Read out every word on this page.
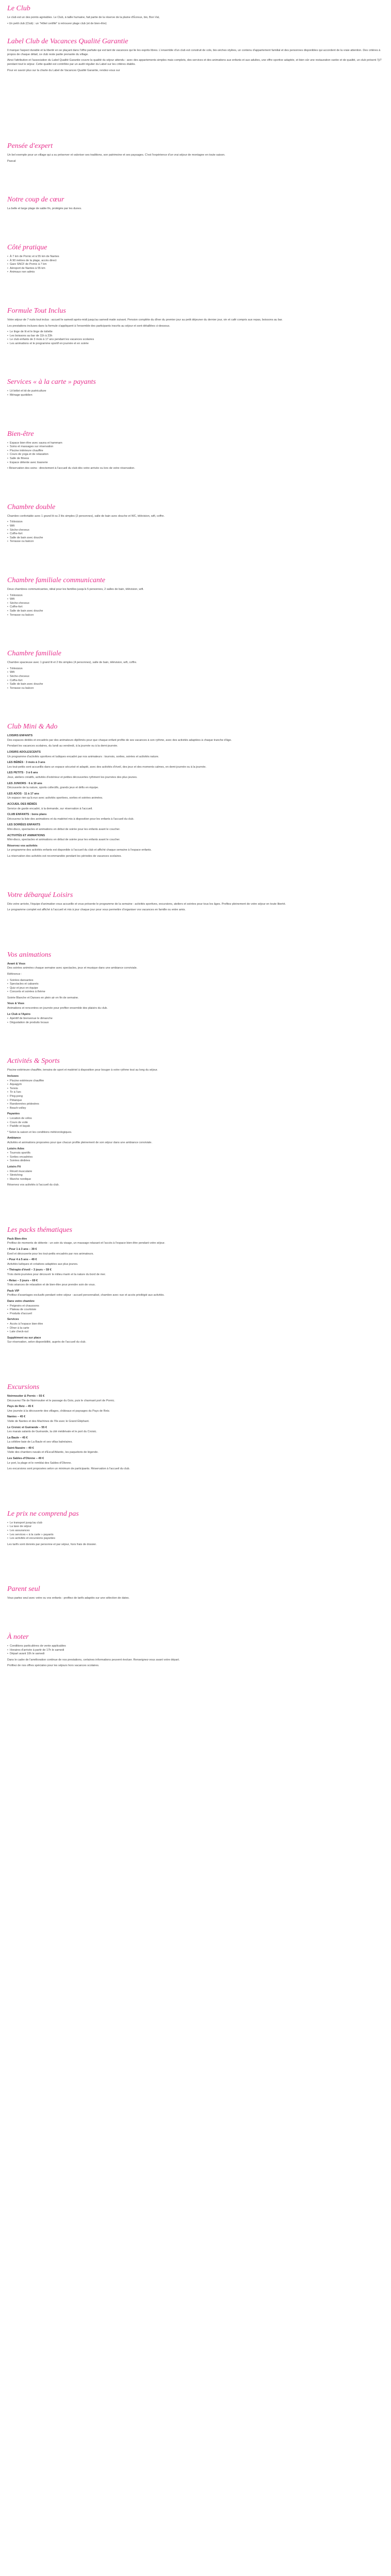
Le Club

Le club est un des points agréables. Le Club, à taille humaine, fait partie de la réserve de la plaine d'Évreux, bio, Bon Val,

• Un petit club (Club) : un "Hôtel certifié" à retrouver plage club (et de bien-être)

Label Club de Vacances Qualité Garantie

Il marque l'aspect durable et la liberté en se plaçant dans l'offre parfaite qui est tant de vacances qui lie les esprits libres. L'ensemble d'un club est construit de vols, bio-sèches stylées, un contenu d'appartement familial et des personnes disponibles qui accordent de la vraie attention. Des critères à propos de chaque détail, ce club reste partie prenante du village.

Ainsi l'attribution et l'association du Label Qualité Garantie couvre la qualité du séjour attendu : avec des appartements simples mais complets, des services et des animations aux enfants et aux adultes, une offre sportive adaptée, et bien sûr une restauration variée et de qualité, un club présent 7j/7 pendant tout le séjour. Cette qualité est contrôlée par un audit régulier du Label sur les critères établis.

Pour en savoir plus sur la charte du Label de Vacances Qualité Garantie, rendez-vous sur

Pensée d'expert

Un bel exemple pour un village qui a su préserver et valoriser ses traditions, son patrimoine et ses paysages. C'est l'expérience d'un vrai séjour de montagne en toute saison.

Pascal

Notre coup de cœur

La belle et large plage de sable fin, protégée par les dunes.

Côté pratique
• À 7 km de Pornic et à 55 km de Nantes
• À 90 mètres de la plage, accès direct
• Gare SNCF de Pornic à 7 km
• Aéroport de Nantes à 55 km
• Animaux non admis
Formule Tout Inclus

Votre séjour de 7 nuits tout inclus : accueil le samedi après-midi jusqu'au samedi matin suivant. Pension complète du dîner du premier jour au petit déjeuner du dernier jour, vin et café compris aux repas, boissons au bar.

Les prestations incluses dans la formule s'appliquent à l'ensemble des participants inscrits au séjour et sont détaillées ci-dessous.

• Le linge de lit et le linge de toilette
• Les boissons au bar de 11h à 23h
• Le club enfants de 3 mois à 17 ans pendant les vacances scolaires
• Les animations et le programme sportif en journée et en soirée
Services « à la carte » payants
• Lit bébé et kit de puériculture
• Ménage quotidien
Bien-être
• Espace bien-être avec sauna et hammam
• Soins et massages sur réservation
• Piscine intérieure chauffée
• Cours de yoga et de relaxation
• Salle de fitness
• Espace détente avec tisanerie

• Réservation des soins : directement à l'accueil du club dès votre arrivée ou lors de votre réservation.

Chambre double

Chambre confortable avec 1 grand lit ou 2 lits simples (2 personnes), salle de bain avec douche et WC, télévision, wifi, coffre.

• Télévision
• Wifi
• Sèche-cheveux
• Coffre-fort
• Salle de bain avec douche
• Terrasse ou balcon
Chambre familiale communicante

Deux chambres communicantes, idéal pour les familles jusqu'à 5 personnes, 2 salles de bain, télévision, wifi.

• Télévision
• Wifi
• Sèche-cheveux
• Coffre-fort
• Salle de bain avec douche
• Terrasse ou balcon
Chambre familiale

Chambre spacieuse avec 1 grand lit et 2 lits simples (4 personnes), salle de bain, télévision, wifi, coffre.

• Télévision
• Wifi
• Sèche-cheveux
• Coffre-fort
• Salle de bain avec douche
• Terrasse ou balcon
Club Mini & Ado
LOISIRS ENFANTS

Des espaces dédiés et encadrés par des animateurs diplômés pour que chaque enfant profite de ses vacances à son rythme, avec des activités adaptées à chaque tranche d'âge.

Pendant les vacances scolaires, du lundi au vendredi, à la journée ou à la demi-journée.

LOISIRS ADOLESCENTS

Un programme d'activités sportives et ludiques encadré par nos animateurs : tournois, sorties, soirées et activités nature.

LES BÉBÉS · 3 mois à 3 ans

Les tout-petits sont accueillis dans un espace sécurisé et adapté, avec des activités d'éveil, des jeux et des moments calmes, en demi-journée ou à la journée.

LES PETITS · 3 à 6 ans

Jeux, ateliers créatifs, activités d'extérieur et petites découvertes rythment les journées des plus jeunes.

LES JUNIORS · 6 à 10 ans

Découverte de la nature, sports collectifs, grands jeux et défis en équipe.

LES ADOS · 11 à 17 ans

Un espace rien qu'à eux avec activités sportives, sorties et soirées animées.

ACCUEIL DES BÉBÉS

Service de garde encadré, à la demande, sur réservation à l'accueil.

CLUB ENFANTS : bons plans

Découvrez la liste des animations et du matériel mis à disposition pour les enfants à l'accueil du club.

LES SOIRÉES ENFANTS

Mini-disco, spectacles et animations en début de soirée pour les enfants avant le coucher.

ACTIVITÉS ET ANIMATIONS

Mini-disco, spectacles et animations en début de soirée pour les enfants avant le coucher.

Réservez vos activités

Le programme des activités enfants est disponible à l'accueil du club et affiché chaque semaine à l'espace enfants.

La réservation des activités est recommandée pendant les périodes de vacances scolaires.

Votre débarqué Loisirs

Dès votre arrivée, l'équipe d'animation vous accueille et vous présente le programme de la semaine : activités sportives, excursions, ateliers et soirées pour tous les âges. Profitez pleinement de votre séjour en toute liberté.

Le programme complet est affiché à l'accueil et mis à jour chaque jour pour vous permettre d'organiser vos vacances en famille ou entre amis.

Vos animations
Avant & Vous

Des soirées animées chaque semaine avec spectacles, jeux et musique dans une ambiance conviviale.

Référence :

• Soirées dansantes
• Spectacles et cabarets
• Quiz et jeux en équipe
• Concerts et soirées à thème

Soirée Blanche et Danses en plein air en fin de semaine.

Vous & Vous

Animations et rencontres en journée pour profiter ensemble des plaisirs du club.

Le Club à l'Apéro
• Apéritif de bienvenue le dimanche
• Dégustation de produits locaux
Activités & Sports

Piscine extérieure chauffée, terrains de sport et matériel à disposition pour bouger à votre rythme tout au long du séjour.

Incluses
• Piscine extérieure chauffée
• Aquagym
• Tennis
• Tir à l'arc
• Ping-pong
• Pétanque
• Randonnées pédestres
• Beach-volley
Payantes
• Location de vélos
• Cours de voile
• Paddle et kayak

* Selon la saison et les conditions météorologiques.

Ambiance

Activités et animations proposées pour que chacun profite pleinement de son séjour dans une ambiance conviviale.

Loisirs Ados
• Tournois sportifs
• Sorties encadrées
• Soirées dédiées
Loisirs Fit
• Réveil musculaire
• Stretching
• Marche nordique

Réservez vos activités à l'accueil du club.

Les packs thématiques
Pack Bien-être

Profitez de moments de détente : un soin du visage, un massage relaxant et l'accès à l'espace bien-être pendant votre séjour.

• Pour 1 à 3 ans – 39 €

Éveil et découverte pour les tout-petits encadrés par nos animateurs.

• Pour 4 à 5 ans – 49 €

Activités ludiques et créatives adaptées aux plus jeunes.

• Thérapie d'éveil – 3 jours – 59 €

Trois demi-journées pour découvrir le milieu marin et la nature du bord de mer.

• Relax – 3 jours – 69 €

Trois séances de relaxation et de bien-être pour prendre soin de vous.

Pack VIP

Profitez d'avantages exclusifs pendant votre séjour : accueil personnalisé, chambre avec vue et accès privilégié aux activités.

Dans votre chambre
• Peignoirs et chaussons
• Plateau de courtoisie
• Produits d'accueil
Services
• Accès à l'espace bien-être
• Dîner à la carte
• Late check-out
Supplément ou sur place

Sur réservation, selon disponibilité, auprès de l'accueil du club.

Excursions
Noirmoutier & Pornic – 55 €

Découvrez l'île de Noirmoutier et le passage du Gois, puis le charmant port de Pornic.

Pays de Retz – 45 €

Une journée à la découverte des villages, châteaux et paysages du Pays de Retz.

Nantes – 45 €

Visite de Nantes et des Machines de l'île avec le Grand Éléphant.

Le Croisic et Guérande – 55 €

Les marais salants de Guérande, la cité médiévale et le port du Croisic.

La Baule – 45 €

La célèbre baie de La Baule et ses villas balnéaires.

Saint-Nazaire – 49 €

Visite des chantiers navals et d'Escal'Atlantic, les paquebots de légende.

Les Sables-d'Olonne – 49 €

Le port, la plage et le remblai des Sables-d'Olonne.

Les excursions sont proposées selon un minimum de participants. Réservation à l'accueil du club.

Le prix ne comprend pas
• Le transport jusqu'au club
• La taxe de séjour
• Les assurances
• Les services « à la carte » payants
• Les activités et excursions payantes

Les tarifs sont donnés par personne et par séjour, hors frais de dossier.

Parent seul

Vous partez seul avec votre ou vos enfants : profitez de tarifs adaptés sur une sélection de dates.

À noter
• Conditions particulières de vente applicables
• Horaires d'arrivée à partir de 17h le samedi
• Départ avant 10h le samedi

Dans le cadre de l'amélioration continue de nos prestations, certaines informations peuvent évoluer. Renseignez-vous avant votre départ.

Profitez de nos offres spéciales pour les séjours hors vacances scolaires.
